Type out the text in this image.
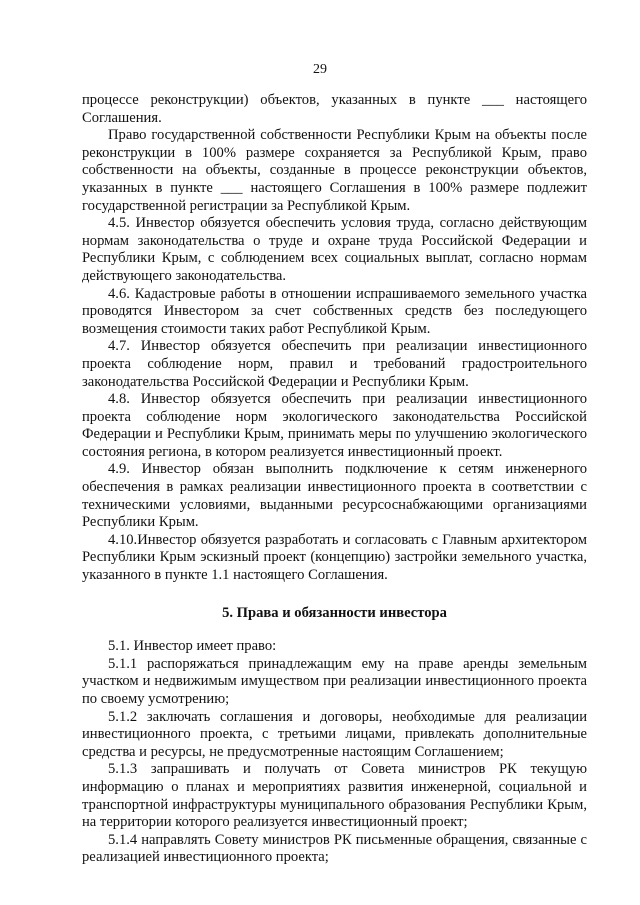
29

процессе реконструкции) объектов, указанных в пункте ___ настоящего Соглашения.

Право государственной собственности Республики Крым на объекты после реконструкции в 100% размере сохраняется за Республикой Крым, право собственности на объекты, созданные в процессе реконструкции объектов, указанных в пункте ___ настоящего Соглашения в 100% размере подлежит государственной регистрации за Республикой Крым.

4.5. Инвестор обязуется обеспечить условия труда, согласно действующим нормам законодательства о труде и охране труда Российской Федерации и Республики Крым, с соблюдением всех социальных выплат, согласно нормам действующего законодательства.

4.6. Кадастровые работы в отношении испрашиваемого земельного участка проводятся Инвестором за счет собственных средств без последующего возмещения стоимости таких работ Республикой Крым.

4.7. Инвестор обязуется обеспечить при реализации инвестиционного проекта соблюдение норм, правил и требований градостроительного законодательства Российской Федерации и Республики Крым.

4.8. Инвестор обязуется обеспечить при реализации инвестиционного проекта соблюдение норм экологического законодательства Российской Федерации и Республики Крым, принимать меры по улучшению экологического состояния региона, в котором реализуется инвестиционный проект.

4.9. Инвестор обязан выполнить подключение к сетям инженерного обеспечения в рамках реализации инвестиционного проекта в соответствии с техническими условиями, выданными ресурсоснабжающими организациями Республики Крым.

4.10.Инвестор обязуется разработать и согласовать с Главным архитектором Республики Крым эскизный проект (концепцию) застройки земельного участка, указанного в пункте 1.1 настоящего Соглашения.

5. Права и обязанности инвестора

5.1. Инвестор имеет право:

5.1.1 распоряжаться принадлежащим ему на праве аренды земельным участком и недвижимым имуществом при реализации инвестиционного проекта по своему усмотрению;

5.1.2 заключать соглашения и договоры, необходимые для реализации инвестиционного проекта, с третьими лицами, привлекать дополнительные средства и ресурсы, не предусмотренные настоящим Соглашением;

5.1.3 запрашивать и получать от Совета министров РК текущую информацию о планах и мероприятиях развития инженерной, социальной и транспортной инфраструктуры муниципального образования Республики Крым, на территории которого реализуется инвестиционный проект;

5.1.4 направлять Совету министров РК письменные обращения, связанные с реализацией инвестиционного проекта;
